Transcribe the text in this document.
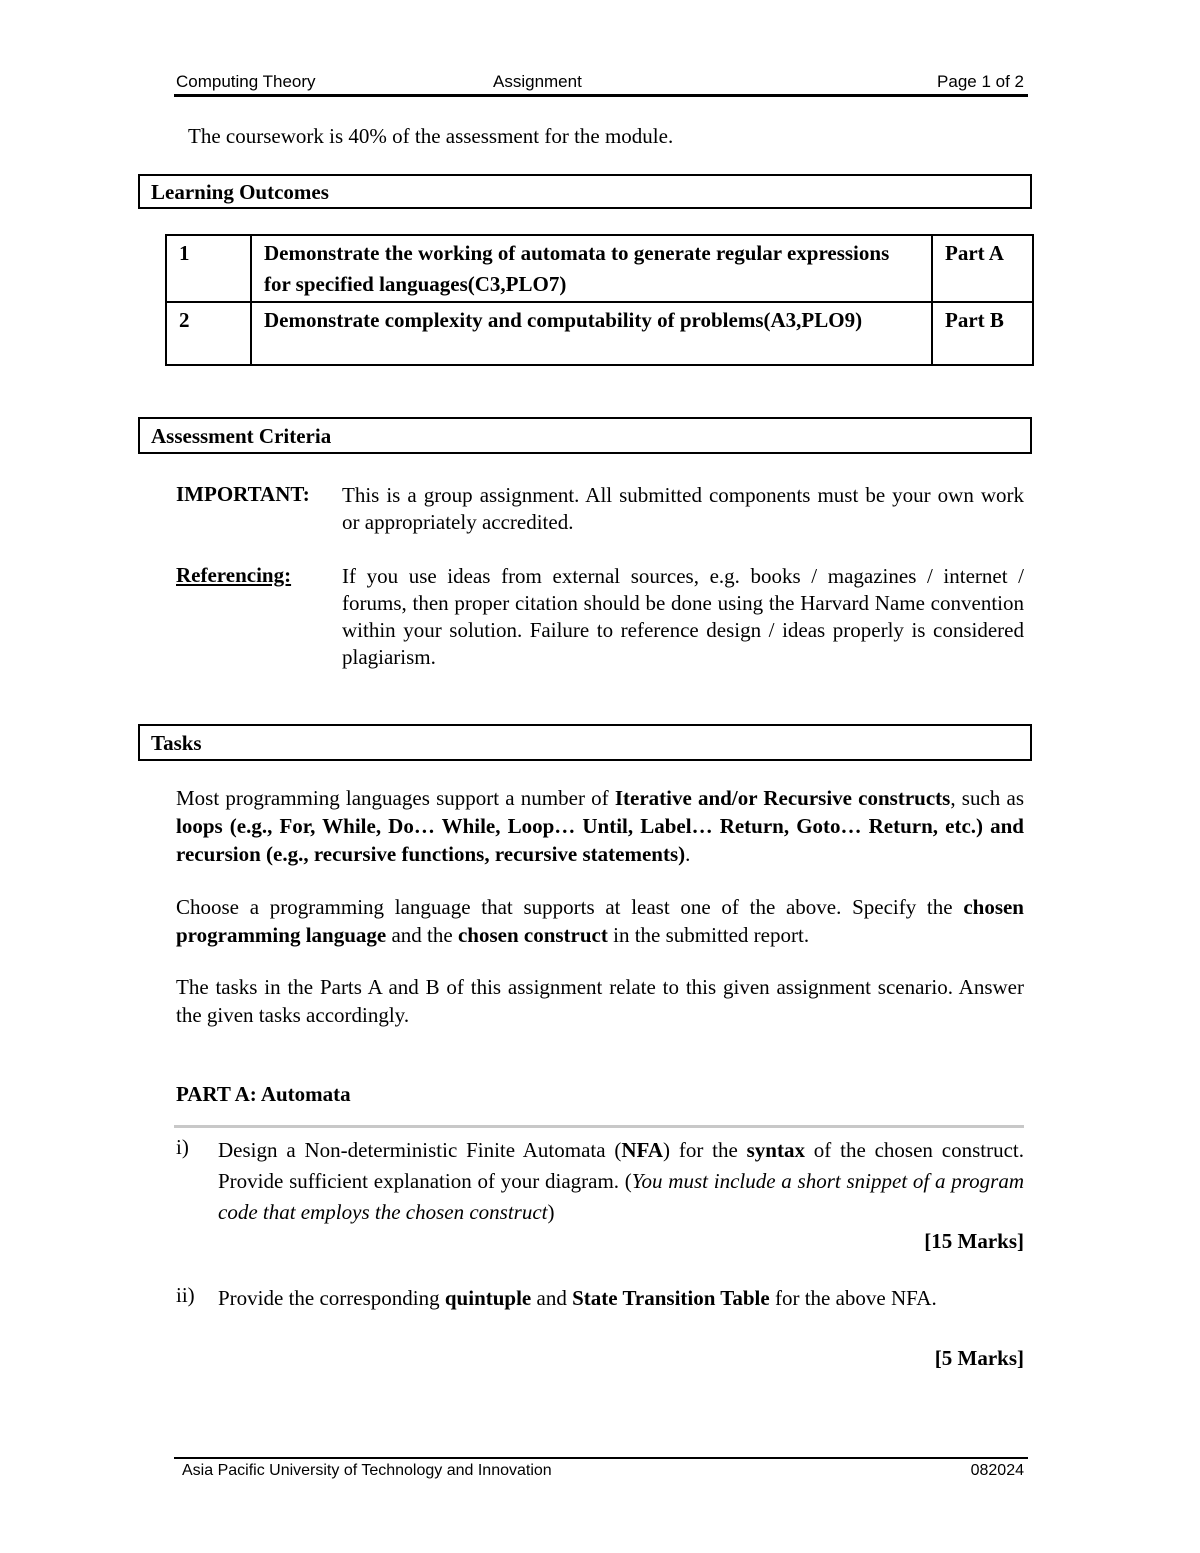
Computing Theory	Assignment	Page 1 of 2
The coursework is 40% of the assessment for the module.
Learning Outcomes
1	Demonstrate the working of automata to generate regular expressions for specified languages(C3,PLO7)	Part A
2	Demonstrate complexity and computability of problems(A3,PLO9)	Part B
Assessment Criteria
IMPORTANT: This is a group assignment. All submitted components must be your own work or appropriately accredited.
Referencing: If you use ideas from external sources, e.g. books / magazines / internet / forums, then proper citation should be done using the Harvard Name convention within your solution. Failure to reference design / ideas properly is considered plagiarism.
Tasks
Most programming languages support a number of Iterative and/or Recursive constructs, such as loops (e.g., For, While, Do… While, Loop… Until, Label… Return, Goto… Return, etc.) and recursion (e.g., recursive functions, recursive statements).
Choose a programming language that supports at least one of the above. Specify the chosen programming language and the chosen construct in the submitted report.
The tasks in the Parts A and B of this assignment relate to this given assignment scenario. Answer the given tasks accordingly.
PART A: Automata
i) Design a Non-deterministic Finite Automata (NFA) for the syntax of the chosen construct. Provide sufficient explanation of your diagram. (You must include a short snippet of a program code that employs the chosen construct)
[15 Marks]
ii) Provide the corresponding quintuple and State Transition Table for the above NFA.
[5 Marks]
Asia Pacific University of Technology and Innovation	082024
